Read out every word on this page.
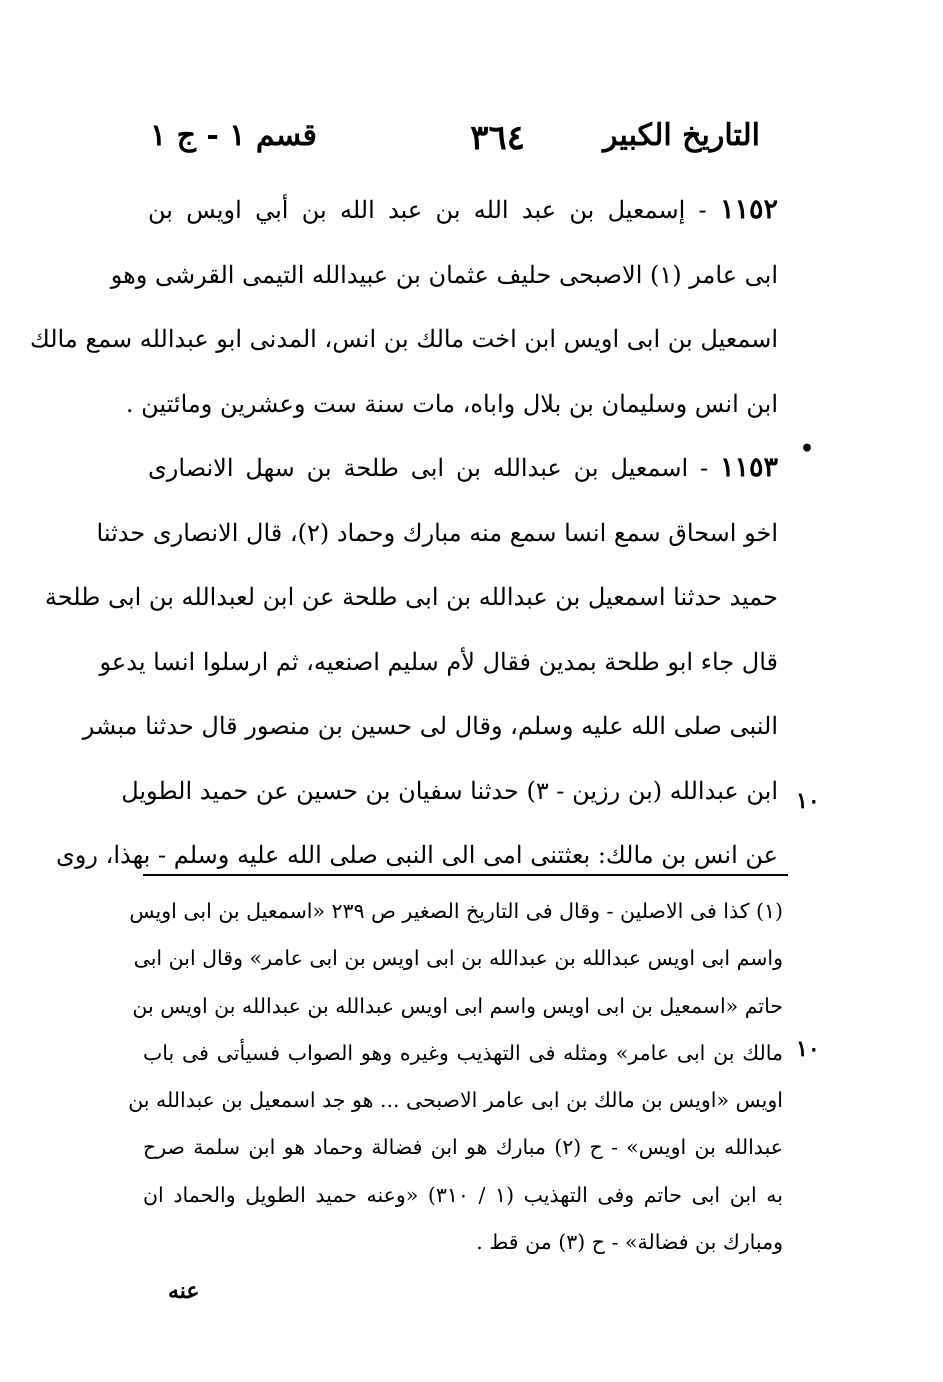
التاريخ الكبير
٣٦٤
قسم ١ - ج ١
١١٥٢ - إسمعيل بن عبد الله بن عبد الله بن أبي اويس بن
ابى عامر (١) الاصبحى حليف عثمان بن عبيدالله التيمى القرشى وهو
اسمعيل بن ابى اويس ابن اخت مالك بن انس، المدنى ابو عبدالله سمع مالك
ابن انس وسليمان بن بلال واباه، مات سنة ست وعشرين ومائتين .
١١٥٣ - اسمعيل بن عبدالله بن ابى طلحة بن سهل الانصارى
اخو اسحاق سمع انسا سمع منه مبارك وحماد (٢)، قال الانصارى حدثنا
حميد حدثنا اسمعيل بن عبدالله بن ابى طلحة عن ابن لعبدالله بن ابى طلحة
قال جاء ابو طلحة بمدين فقال لأم سليم اصنعيه، ثم ارسلوا انسا يدعو
النبى صلى الله عليه وسلم، وقال لى حسين بن منصور قال حدثنا مبشر
ابن عبدالله (بن رزين - ٣) حدثنا سفيان بن حسين عن حميد الطويل
عن انس بن مالك: بعثتنى امى الى النبى صلى الله عليه وسلم - بهذا، روى
•
١٠
(١) كذا فى الاصلين - وقال فى التاريخ الصغير ص ٢٣٩ «اسمعيل بن ابى اويس
واسم ابى اويس عبدالله بن عبدالله بن ابى اويس بن ابى عامر» وقال ابن ابى
حاتم «اسمعيل بن ابى اويس واسم ابى اويس عبدالله بن عبدالله بن اويس بن
مالك بن ابى عامر» ومثله فى التهذيب وغيره وهو الصواب فسيأتى فى باب
اويس «اويس بن مالك بن ابى عامر الاصبحى ... هو جد اسمعيل بن عبدالله بن
عبدالله بن اويس» - ح (٢) مبارك هو ابن فضالة وحماد هو ابن سلمة صرح
به ابن ابى حاتم وفى التهذيب (١ / ٣١٠) «وعنه حميد الطويل والحماد ان
ومبارك بن فضالة» - ح (٣) من قط .
١٠
عنه
